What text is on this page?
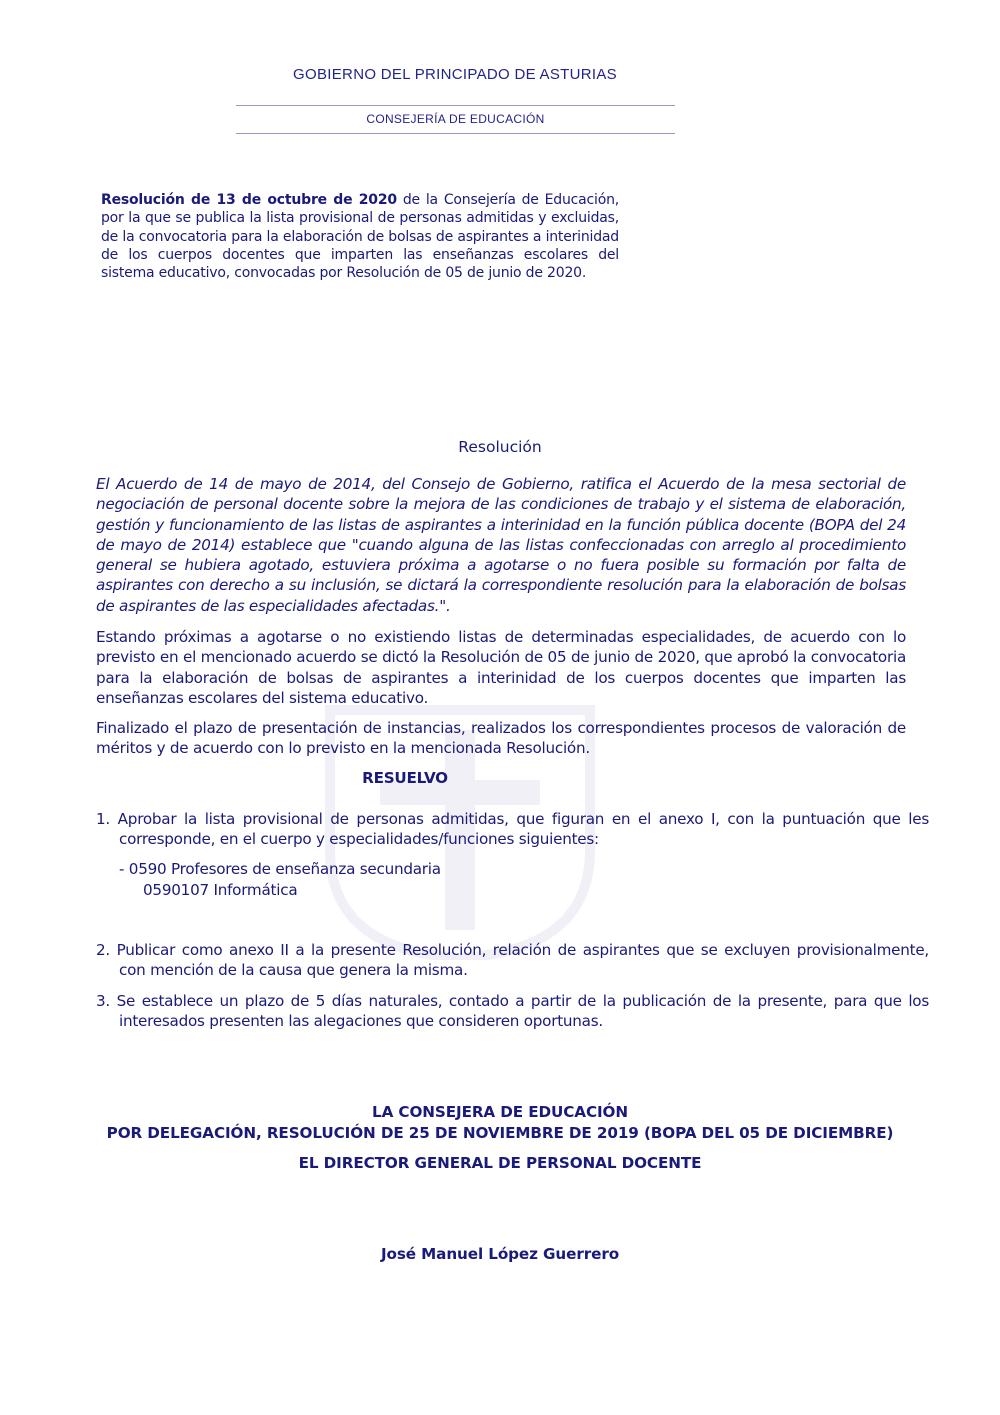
GOBIERNO DEL PRINCIPADO DE ASTURIAS
CONSEJERÍA DE EDUCACIÓN
Resolución de 13 de octubre de 2020 de la Consejería de Educación, por la que se publica la lista provisional de personas admitidas y excluidas, de la convocatoria para la elaboración de bolsas de aspirantes a interinidad de los cuerpos docentes que imparten las enseñanzas escolares del sistema educativo, convocadas por Resolución de 05 de junio de 2020.
Resolución
El Acuerdo de 14 de mayo de 2014, del Consejo de Gobierno, ratifica el Acuerdo de la mesa sectorial de negociación de personal docente sobre la mejora de las condiciones de trabajo y el sistema de elaboración, gestión y funcionamiento de las listas de aspirantes a interinidad en la función pública docente (BOPA del 24 de mayo de 2014) establece que "cuando alguna de las listas confeccionadas con arreglo al procedimiento general se hubiera agotado, estuviera próxima a agotarse o no fuera posible su formación por falta de aspirantes con derecho a su inclusión, se dictará la correspondiente resolución para la elaboración de bolsas de aspirantes de las especialidades afectadas.".
Estando próximas a agotarse o no existiendo listas de determinadas especialidades, de acuerdo con lo previsto en el mencionado acuerdo se dictó la Resolución de 05 de junio de 2020, que aprobó la convocatoria para la elaboración de bolsas de aspirantes a interinidad de los cuerpos docentes que imparten las enseñanzas escolares del sistema educativo.
Finalizado el plazo de presentación de instancias, realizados los correspondientes procesos de valoración de méritos y de acuerdo con lo previsto en la mencionada Resolución.
RESUELVO
1. Aprobar la lista provisional de personas admitidas, que figuran en el anexo I, con la puntuación que les corresponde, en el cuerpo y especialidades/funciones siguientes:
- 0590 Profesores de enseñanza secundaria
0590107 Informática
2. Publicar como anexo II a la presente Resolución, relación de aspirantes que se excluyen provisionalmente, con mención de la causa que genera la misma.
3. Se establece un plazo de 5 días naturales, contado a partir de la publicación de la presente, para que los interesados presenten las alegaciones que consideren oportunas.
LA CONSEJERA DE EDUCACIÓN
POR DELEGACIÓN, RESOLUCIÓN DE 25 DE NOVIEMBRE DE 2019 (BOPA DEL 05 DE DICIEMBRE)
EL DIRECTOR GENERAL DE PERSONAL DOCENTE
José Manuel López Guerrero
